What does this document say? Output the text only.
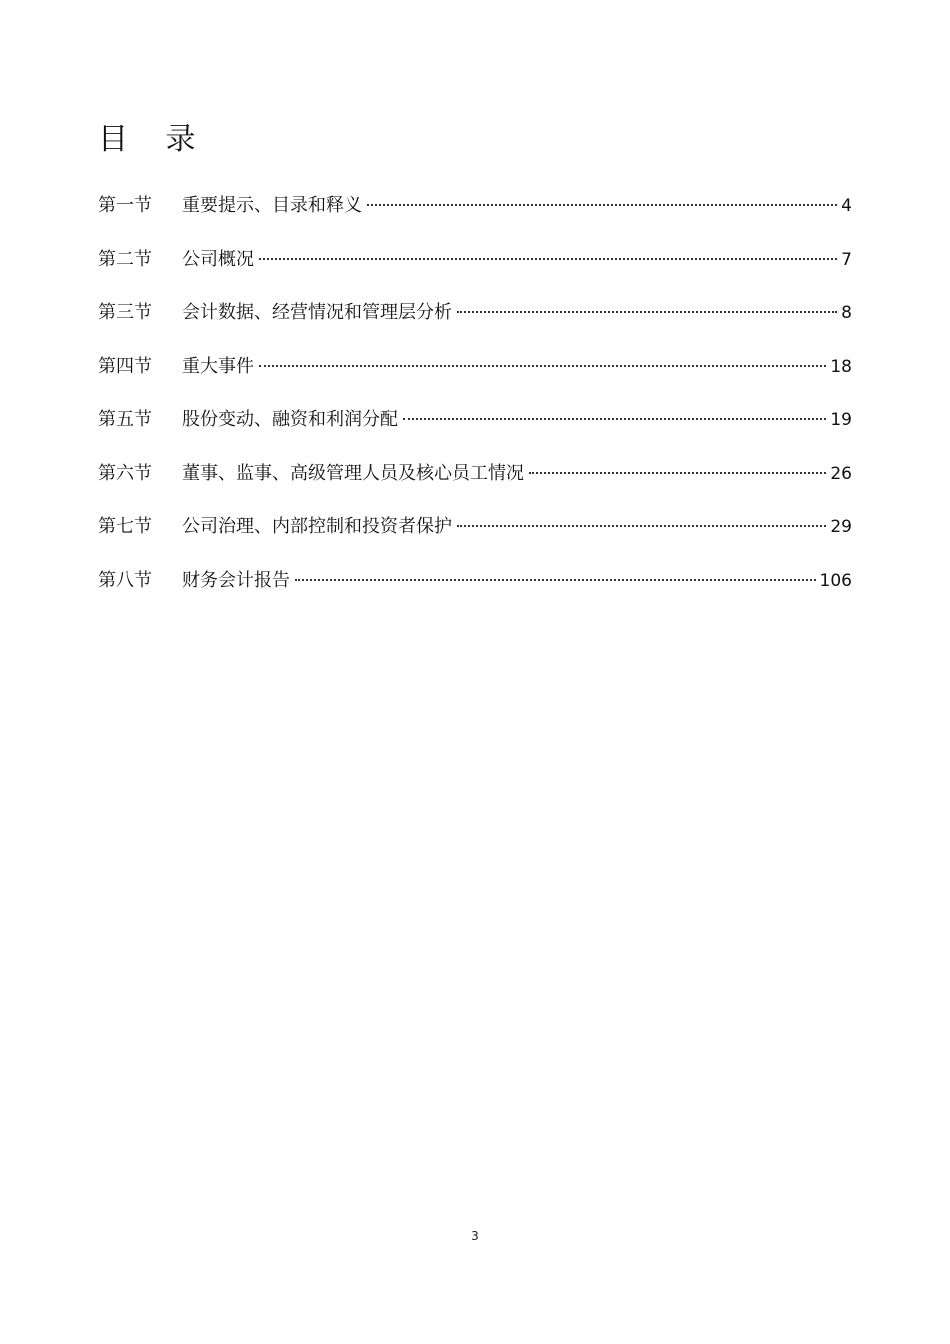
目 录
第一节	重要提示、目录和释义	4
第二节	公司概况	7
第三节	会计数据、经营情况和管理层分析	8
第四节	重大事件	18
第五节	股份变动、融资和利润分配	19
第六节	董事、监事、高级管理人员及核心员工情况	26
第七节	公司治理、内部控制和投资者保护	29
第八节	财务会计报告	106
3
